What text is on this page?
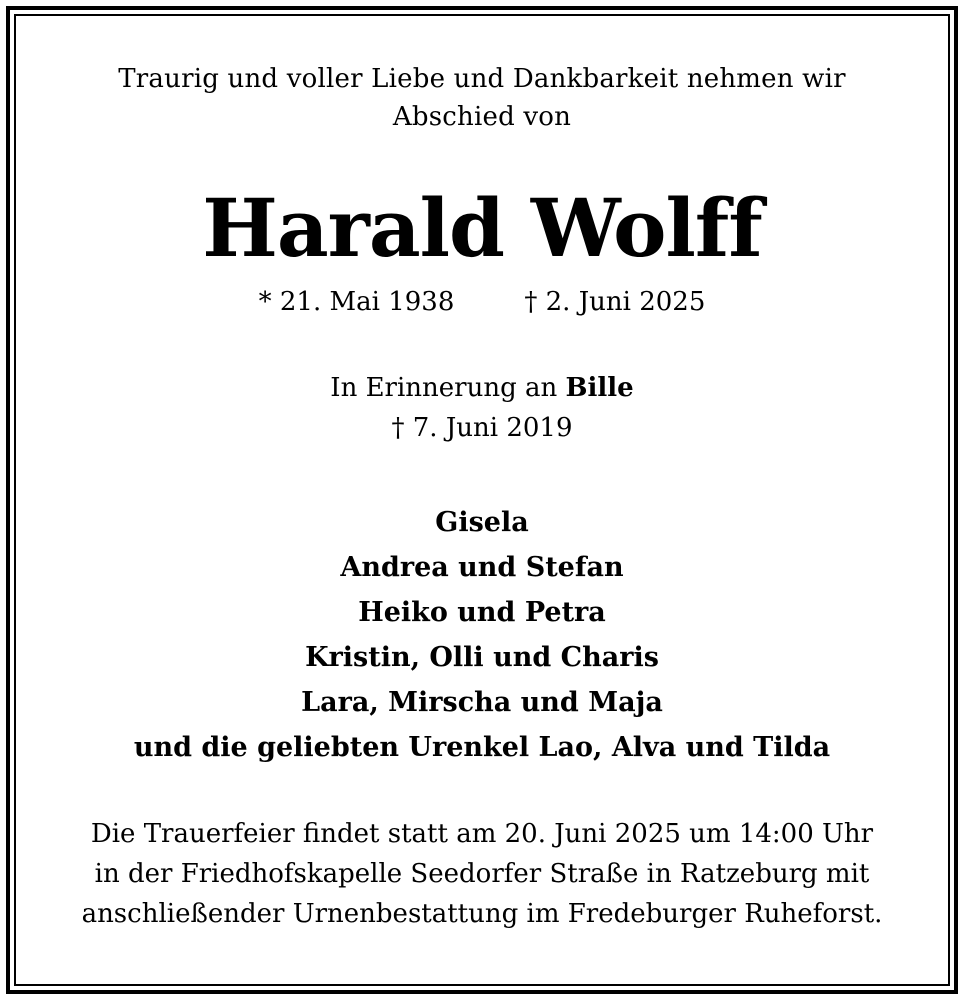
Traurig und voller Liebe und Dankbarkeit nehmen wir

Abschied von

Harald Wolff

* 21. Mai 1938	† 2. Juni 2025

In Erinnerung an Bille

† 7. Juni 2019

Gisela

Andrea und Stefan

Heiko und Petra

Kristin, Olli und Charis

Lara, Mirscha und Maja

und die geliebten Urenkel Lao, Alva und Tilda

Die Trauerfeier findet statt am 20. Juni 2025 um 14:00 Uhr

in der Friedhofskapelle Seedorfer Straße in Ratzeburg mit

anschließender Urnenbestattung im Fredeburger Ruheforst.
